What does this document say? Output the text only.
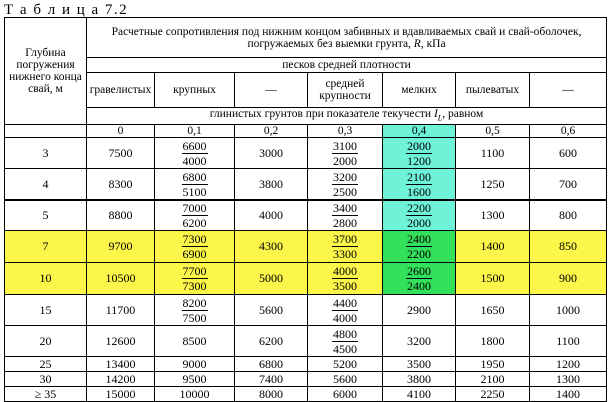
Т а б л и ц а 7.2
Глубина погружения нижнего конца свай, м	Расчетные сопротивления под нижним концом забивных и вдавливаемых свай и свай-оболочек, погружаемых без выемки грунта, R, кПа						
	песков средней плотности						
	гравелистых	крупных	—	средней крупности	мелких	пылеватых	—
	глинистых грунтов при показателе текучести $I_L$, равном						
	0	0,1	0,2	0,3	0,4	0,5	0,6
3	7500	$\frac{6600}{4000}$	3000	$\frac{3100}{2000}$	$\frac{2000}{1200}$	1100	600
4	8300	$\frac{6800}{5100}$	3800	$\frac{3200}{2500}$	$\frac{2100}{1600}$	1250	700
5	8800	$\frac{7000}{6200}$	4000	$\frac{3400}{2800}$	$\frac{2200}{2000}$	1300	800
7	9700	$\frac{7300}{6900}$	4300	$\frac{3700}{3300}$	$\frac{2400}{2200}$	1400	850
10	10500	$\frac{7700}{7300}$	5000	$\frac{4000}{3500}$	$\frac{2600}{2400}$	1500	900
15	11700	$\frac{8200}{7500}$	5600	$\frac{4400}{4000}$	2900	1650	1000
20	12600	8500	6200	$\frac{4800}{4500}$	3200	1800	1100
25	13400	9000	6800	5200	3500	1950	1200
30	14200	9500	7400	5600	3800	2100	1300
≥ 35	15000	10000	8000	6000	4100	2250	1400
